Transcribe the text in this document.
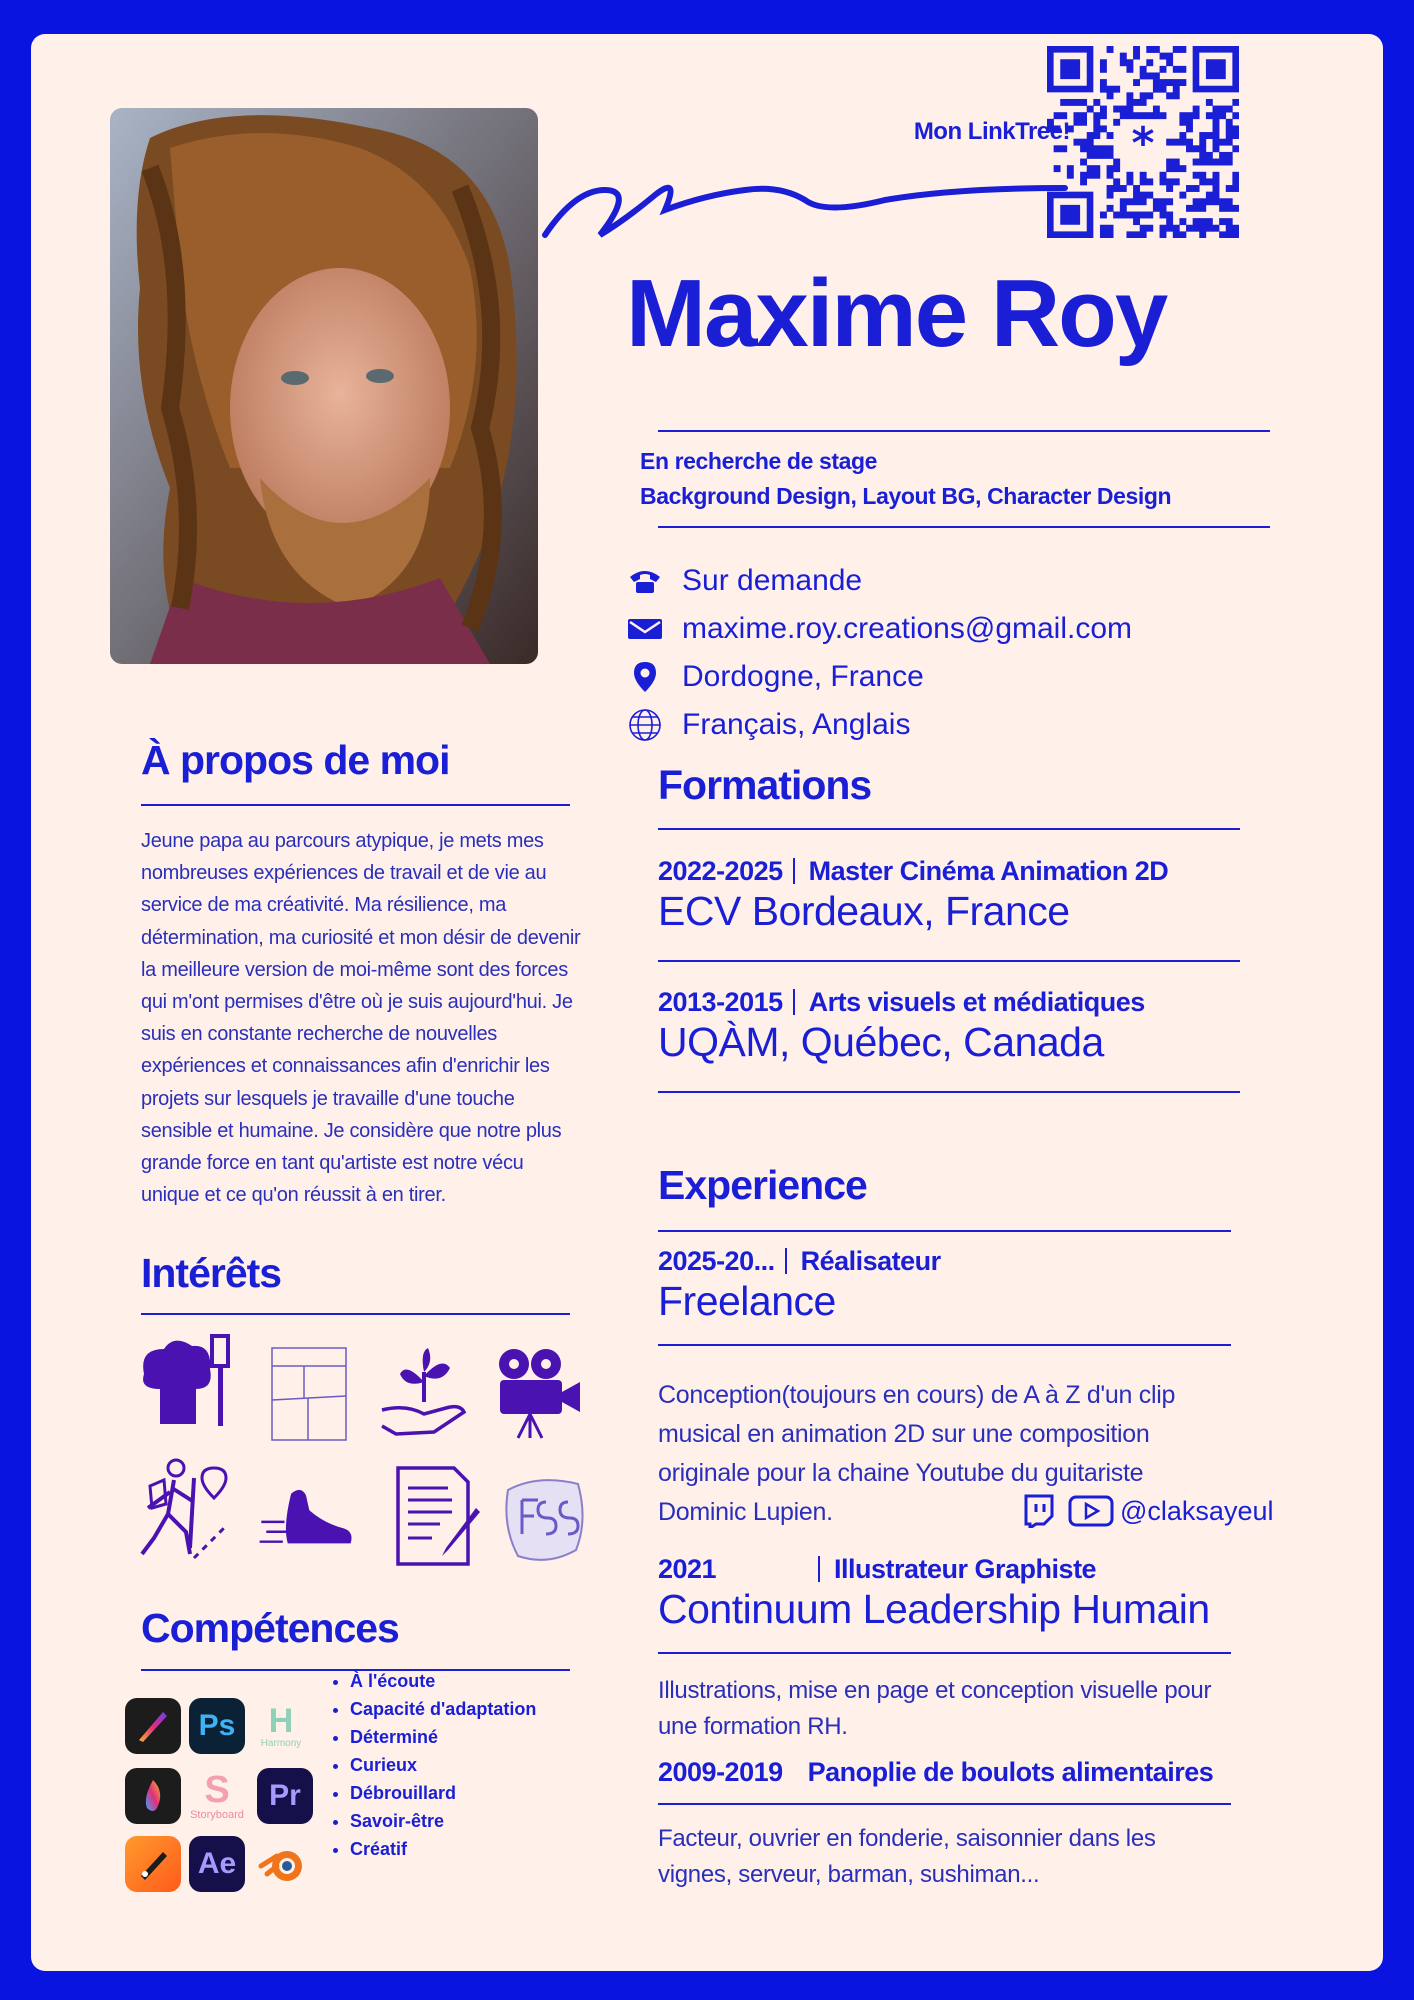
*
Mon LinkTree!
Maxime Roy
En recherche de stage
Background Design, Layout BG, Character Design
Sur demande
maxime.roy.creations@gmail.com
Dordogne, France
Français, Anglais
À propos de moi
Jeune papa au parcours atypique, je mets mes nombreuses expériences de travail et de vie au service de ma créativité. Ma résilience, ma détermination, ma curiosité et mon désir de devenir la meilleure version de moi-même sont des forces qui m'ont permises d'être où je suis aujourd'hui. Je suis en constante recherche de nouvelles expériences et connaissances afin d'enrichir les projets sur lesquels je travaille d'une touche sensible et humaine. Je considère que notre plus grande force en tant qu'artiste est notre vécu unique et ce qu'on réussit à en tirer.
Intérêts
Compétences
Ps H
Harmony
S
Storyboard
Pr
Ae
• À l'écoute
• Capacité d'adaptation
• Déterminé
• Curieux
• Débrouillard
• Savoir-être
• Créatif
Formations
2022-2025 Master Cinéma Animation 2D
ECV Bordeaux, France
2013-2015 Arts visuels et médiatiques
UQÀM, Québec, Canada
Experience
2025-20... Réalisateur
Freelance
Conception(toujours en cours) de A à Z d'un clip musical en animation 2D sur une composition originale pour la chaine Youtube du guitariste Dominic Lupien.	@claksayeul
2021	Illustrateur Graphiste
Continuum Leadership Humain
Illustrations, mise en page et conception visuelle pour une formation RH.
2009-2019 Panoplie de boulots alimentaires
Facteur, ouvrier en fonderie, saisonnier dans les vignes, serveur, barman, sushiman...
